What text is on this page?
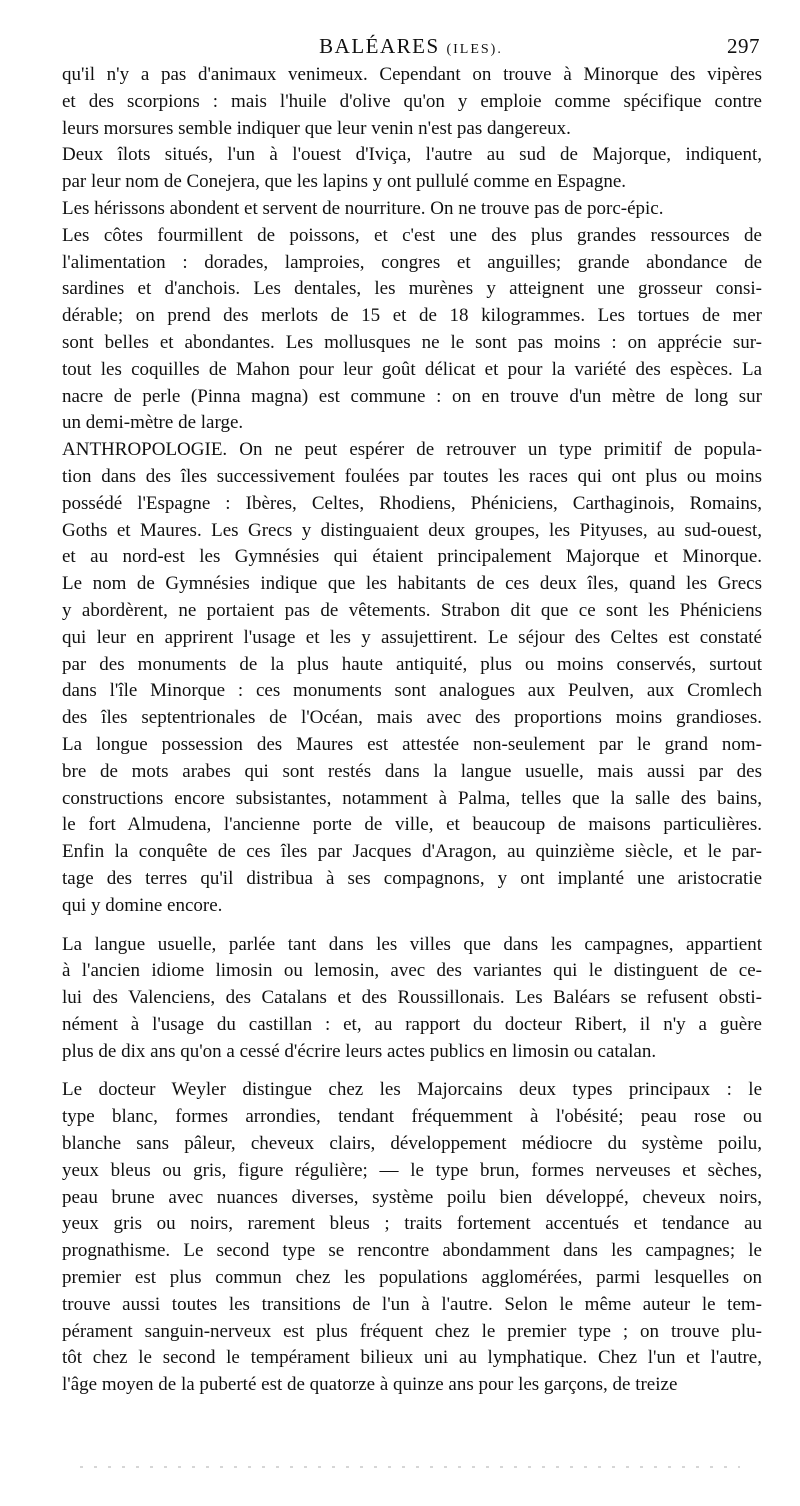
BALÉARES (ILES).	297
qu'il n'y a pas d'animaux venimeux. Cependant on trouve à Minorque des vipères
et des scorpions : mais l'huile d'olive qu'on y emploie comme spécifique contre
leurs morsures semble indiquer que leur venin n'est pas dangereux.
Deux îlots situés, l'un à l'ouest d'Iviça, l'autre au sud de Majorque, indiquent,
par leur nom de Conejera, que les lapins y ont pullulé comme en Espagne.
Les hérissons abondent et servent de nourriture. On ne trouve pas de porc-épic.
Les côtes fourmillent de poissons, et c'est une des plus grandes ressources de
l'alimentation : dorades, lamproies, congres et anguilles; grande abondance de
sardines et d'anchois. Les dentales, les murènes y atteignent une grosseur consi-
dérable; on prend des merlots de 15 et de 18 kilogrammes. Les tortues de mer
sont belles et abondantes. Les mollusques ne le sont pas moins : on apprécie sur-
tout les coquilles de Mahon pour leur goût délicat et pour la variété des espèces. La
nacre de perle (Pinna magna) est commune : on en trouve d'un mètre de long sur
un demi-mètre de large.
ANTHROPOLOGIE. On ne peut espérer de retrouver un type primitif de popula-
tion dans des îles successivement foulées par toutes les races qui ont plus ou moins
possédé l'Espagne : Ibères, Celtes, Rhodiens, Phéniciens, Carthaginois, Romains,
Goths et Maures. Les Grecs y distinguaient deux groupes, les Pityuses, au sud-ouest,
et au nord-est les Gymnésies qui étaient principalement Majorque et Minorque.
Le nom de Gymnésies indique que les habitants de ces deux îles, quand les Grecs
y abordèrent, ne portaient pas de vêtements. Strabon dit que ce sont les Phéniciens
qui leur en apprirent l'usage et les y assujettirent. Le séjour des Celtes est constaté
par des monuments de la plus haute antiquité, plus ou moins conservés, surtout
dans l'île Minorque : ces monuments sont analogues aux Peulven, aux Cromlech
des îles septentrionales de l'Océan, mais avec des proportions moins grandioses.
La longue possession des Maures est attestée non-seulement par le grand nom-
bre de mots arabes qui sont restés dans la langue usuelle, mais aussi par des
constructions encore subsistantes, notamment à Palma, telles que la salle des bains,
le fort Almudena, l'ancienne porte de ville, et beaucoup de maisons particulières.
Enfin la conquête de ces îles par Jacques d'Aragon, au quinzième siècle, et le par-
tage des terres qu'il distribua à ses compagnons, y ont implanté une aristocratie
qui y domine encore.
La langue usuelle, parlée tant dans les villes que dans les campagnes, appartient
à l'ancien idiome limosin ou lemosin, avec des variantes qui le distinguent de ce-
lui des Valenciens, des Catalans et des Roussillonais. Les Baléars se refusent obsti-
nément à l'usage du castillan : et, au rapport du docteur Ribert, il n'y a guère
plus de dix ans qu'on a cessé d'écrire leurs actes publics en limosin ou catalan.
Le docteur Weyler distingue chez les Majorcains deux types principaux : le
type blanc, formes arrondies, tendant fréquemment à l'obésité; peau rose ou
blanche sans pâleur, cheveux clairs, développement médiocre du système poilu,
yeux bleus ou gris, figure régulière; — le type brun, formes nerveuses et sèches,
peau brune avec nuances diverses, système poilu bien développé, cheveux noirs,
yeux gris ou noirs, rarement bleus ; traits fortement accentués et tendance au
prognathisme. Le second type se rencontre abondamment dans les campagnes; le
premier est plus commun chez les populations agglomérées, parmi lesquelles on
trouve aussi toutes les transitions de l'un à l'autre. Selon le même auteur le tem-
pérament sanguin-nerveux est plus fréquent chez le premier type ; on trouve plu-
tôt chez le second le tempérament bilieux uni au lymphatique. Chez l'un et l'autre,
l'âge moyen de la puberté est de quatorze à quinze ans pour les garçons, de treize
